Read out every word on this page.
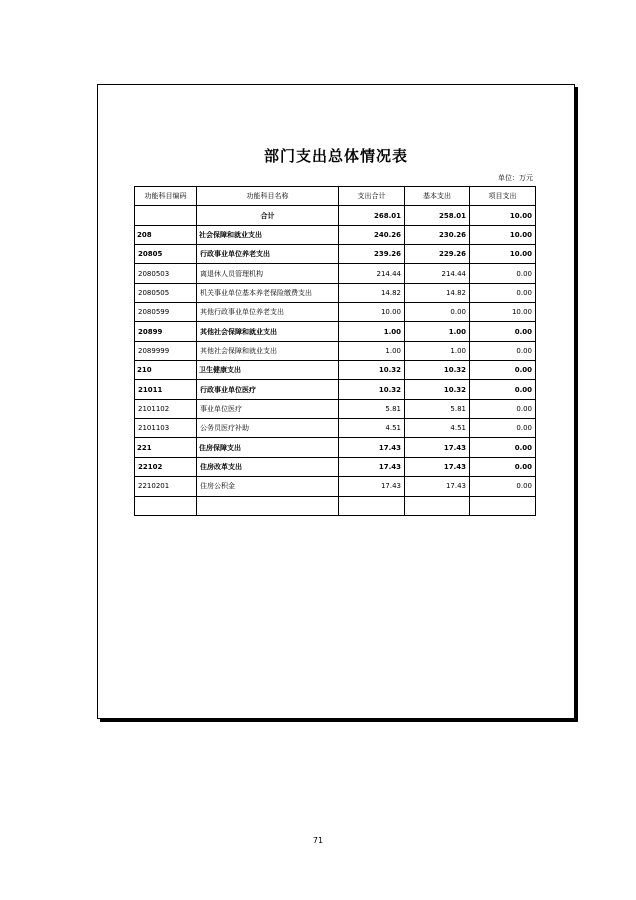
部门支出总体情况表
单位：万元
功能科目编码	功能科目名称	支出合计	基本支出	项目支出
	合计	268.01	258.01	10.00
208	社会保障和就业支出	240.26	230.26	10.00
20805	行政事业单位养老支出	239.26	229.26	10.00
2080503	离退休人员管理机构	214.44	214.44	0.00
2080505	机关事业单位基本养老保险缴费支出	14.82	14.82	0.00
2080599	其他行政事业单位养老支出	10.00	0.00	10.00
20899	其他社会保障和就业支出	1.00	1.00	0.00
2089999	其他社会保障和就业支出	1.00	1.00	0.00
210	卫生健康支出	10.32	10.32	0.00
21011	行政事业单位医疗	10.32	10.32	0.00
2101102	事业单位医疗	5.81	5.81	0.00
2101103	公务员医疗补助	4.51	4.51	0.00
221	住房保障支出	17.43	17.43	0.00
22102	住房改革支出	17.43	17.43	0.00
2210201	住房公积金	17.43	17.43	0.00

71
